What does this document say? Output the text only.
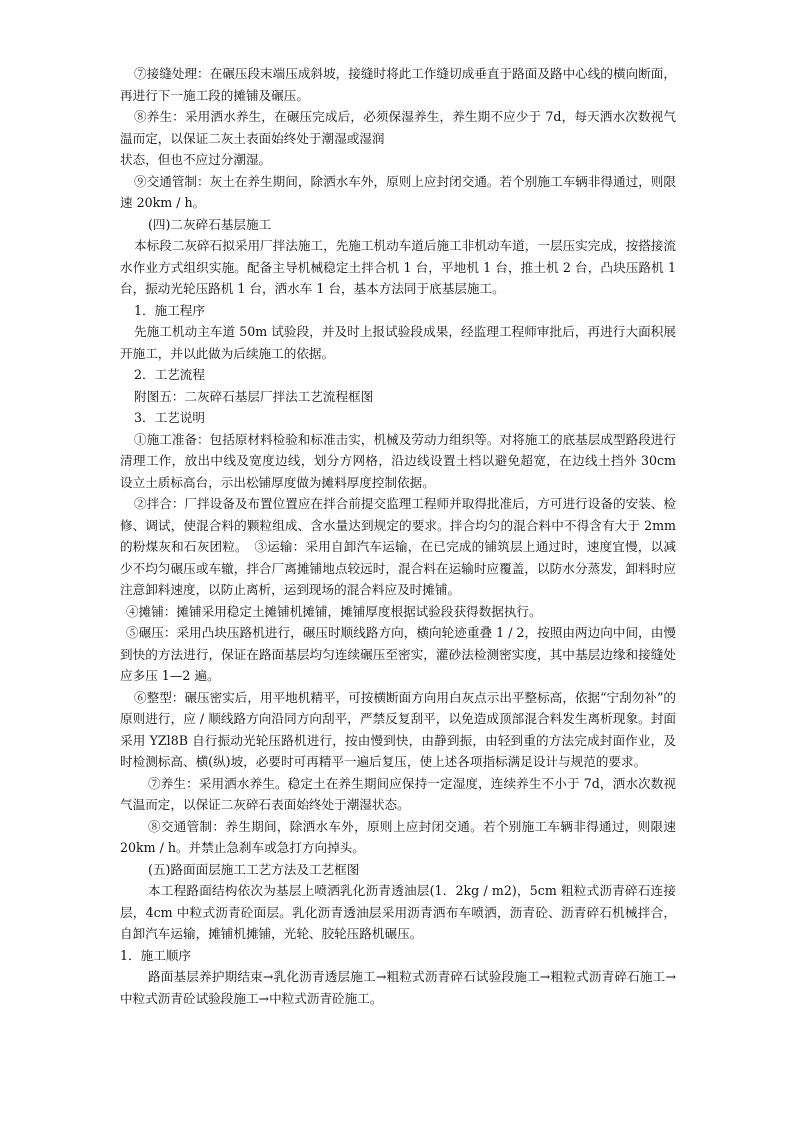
⑦接缝处理：在碾压段末端压成斜坡，接缝时将此工作缝切成垂直于路面及路中心线的横向断面，再进行下一施工段的摊铺及碾压。

⑧养生：采用洒水养生，在碾压完成后，必须保湿养生，养生期不应少于 7d，每天洒水次数视气温而定，以保证二灰土表面始终处于潮湿或湿润

状态，但也不应过分潮湿。

⑨交通管制：灰土在养生期间，除洒水车外，原则上应封闭交通。若个别施工车辆非得通过，则限速 20km / h。

(四)二灰碎石基层施工

本标段二灰碎石拟采用厂拌法施工，先施工机动车道后施工非机动车道，一层压实完成，按搭接流水作业方式组织实施。配备主导机械稳定土拌合机 1 台，平地机 1 台，推土机 2 台，凸块压路机 1 台，振动光轮压路机 1 台，洒水车 1 台，基本方法同于底基层施工。

1．施工程序

先施工机动主车道 50m 试验段，并及时上报试验段成果，经监理工程师审批后，再进行大面积展开施工，并以此做为后续施工的依据。

2．工艺流程

附图五：二灰碎石基层厂拌法工艺流程框图

3．工艺说明

①施工准备：包括原材料检验和标准击实，机械及劳动力组织等。对将施工的底基层成型路段进行清理工作，放出中线及宽度边线，划分方网格，沿边线设置土档以避免超宽，在边线土挡外 30cm 设立土质标高台，示出松铺厚度做为摊料厚度控制依据。

②拌合：厂拌设备及布置位置应在拌合前提交监理工程师并取得批准后，方可进行设备的安装、检修、调试，使混合料的颗粒组成、含水量达到规定的要求。拌合均匀的混合料中不得含有大于 2mm 的粉煤灰和石灰团粒。　③运输：采用自卸汽车运输，在已完成的铺筑层上通过时，速度宜慢，以减少不均匀碾压或车辙，拌合厂离摊铺地点较远时，混合料在运输时应覆盖，以防水分蒸发，卸料时应注意卸料速度，以防止离析，运到现场的混合料应及时摊铺。

④摊铺：摊铺采用稳定土摊铺机摊铺，摊铺厚度根据试验段获得数据执行。

⑤碾压：采用凸块压路机进行，碾压时顺线路方向，横向轮迹重叠 1 / 2，按照由两边向中间，由慢到快的方法进行，保证在路面基层均匀连续碾压至密实，灌砂法检测密实度，其中基层边缘和接缝处应多压 1—2 遍。

⑥整型：碾压密实后，用平地机精平，可按横断面方向用白灰点示出平整标高，依据“宁刮勿补”的原则进行，应 / 顺线路方向沿同方向刮平，严禁反复刮平，以免造成顶部混合料发生离析现象。封面采用 YZl8B 自行振动光轮压路机进行，按由慢到快，由静到振，由轻到重的方法完成封面作业，及时检测标高、横(纵)坡，必要时可再精平一遍后复压，使上述各项指标满足设计与规范的要求。

⑦养生：采用洒水养生。稳定土在养生期间应保持一定湿度，连续养生不小于 7d，洒水次数视气温而定，以保证二灰碎石表面始终处于潮湿状态。

⑧交通管制：养生期间，除洒水车外，原则上应封闭交通。若个别施工车辆非得通过，则限速 20km / h。并禁止急刹车或急打方向掉头。

(五)路面面层施工工艺方法及工艺框图

本工程路面结构依次为基层上喷洒乳化沥青透油层(1．2kg / m2)，5cm 粗粒式沥青碎石连接层，4cm 中粒式沥青砼面层。乳化沥青透油层采用沥青洒布车喷洒，沥青砼、沥青碎石机械拌合，自卸汽车运输，摊铺机摊铺，光轮、胶轮压路机碾压。

1．施工顺序

路面基层养护期结束→乳化沥青透层施工→粗粒式沥青碎石试验段施工→粗粒式沥青碎石施工→中粒式沥青砼试验段施工→中粒式沥青砼施工。
